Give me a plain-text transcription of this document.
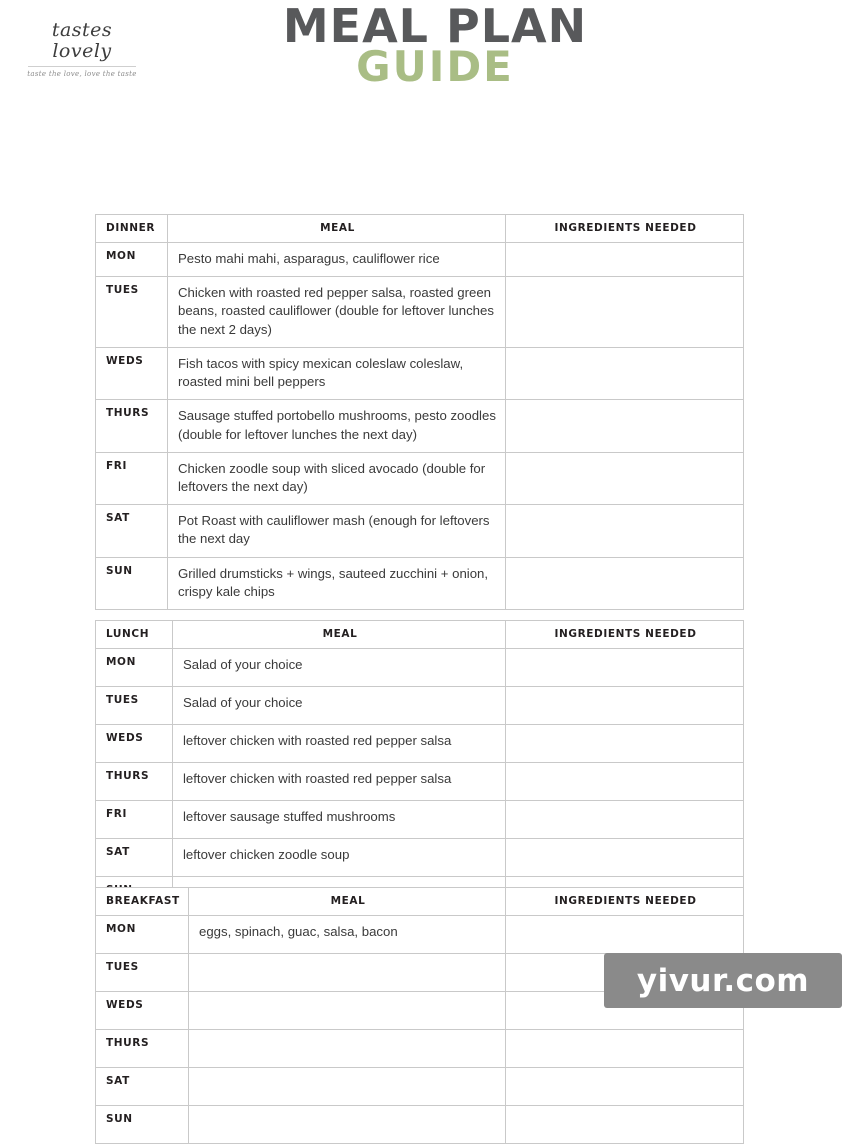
tastes lovely
taste the love, love the taste
MEAL PLAN
GUIDE
DINNER	MEAL	INGREDIENTS NEEDED
MON	Pesto mahi mahi, asparagus, cauliflower rice	
TUES	Chicken with roasted red pepper salsa, roasted green beans, roasted cauliflower (double for leftover lunches the next 2 days)	
WEDS	Fish tacos with spicy mexican coleslaw coleslaw, roasted mini bell peppers	
THURS	Sausage stuffed portobello mushrooms, pesto zoodles (double for leftover lunches the next day)	
FRI	Chicken zoodle soup with sliced avocado (double for leftovers the next day)	
SAT	Pot Roast with cauliflower mash (enough for leftovers the next day	
SUN	Grilled drumsticks + wings, sauteed zucchini + onion, crispy kale chips	
LUNCH	MEAL	INGREDIENTS NEEDED
MON	Salad of your choice	
TUES	Salad of your choice	
WEDS	leftover chicken with roasted red pepper salsa	
THURS	leftover chicken with roasted red pepper salsa	
FRI	leftover sausage stuffed mushrooms	
SAT	leftover chicken zoodle soup	

BREAKFAST	MEAL	INGREDIENTS NEEDED
MON	eggs, spinach, guac, salsa, bacon	
TUES		
WEDS		
THURS		
SAT		
SUN		
yivur.com
